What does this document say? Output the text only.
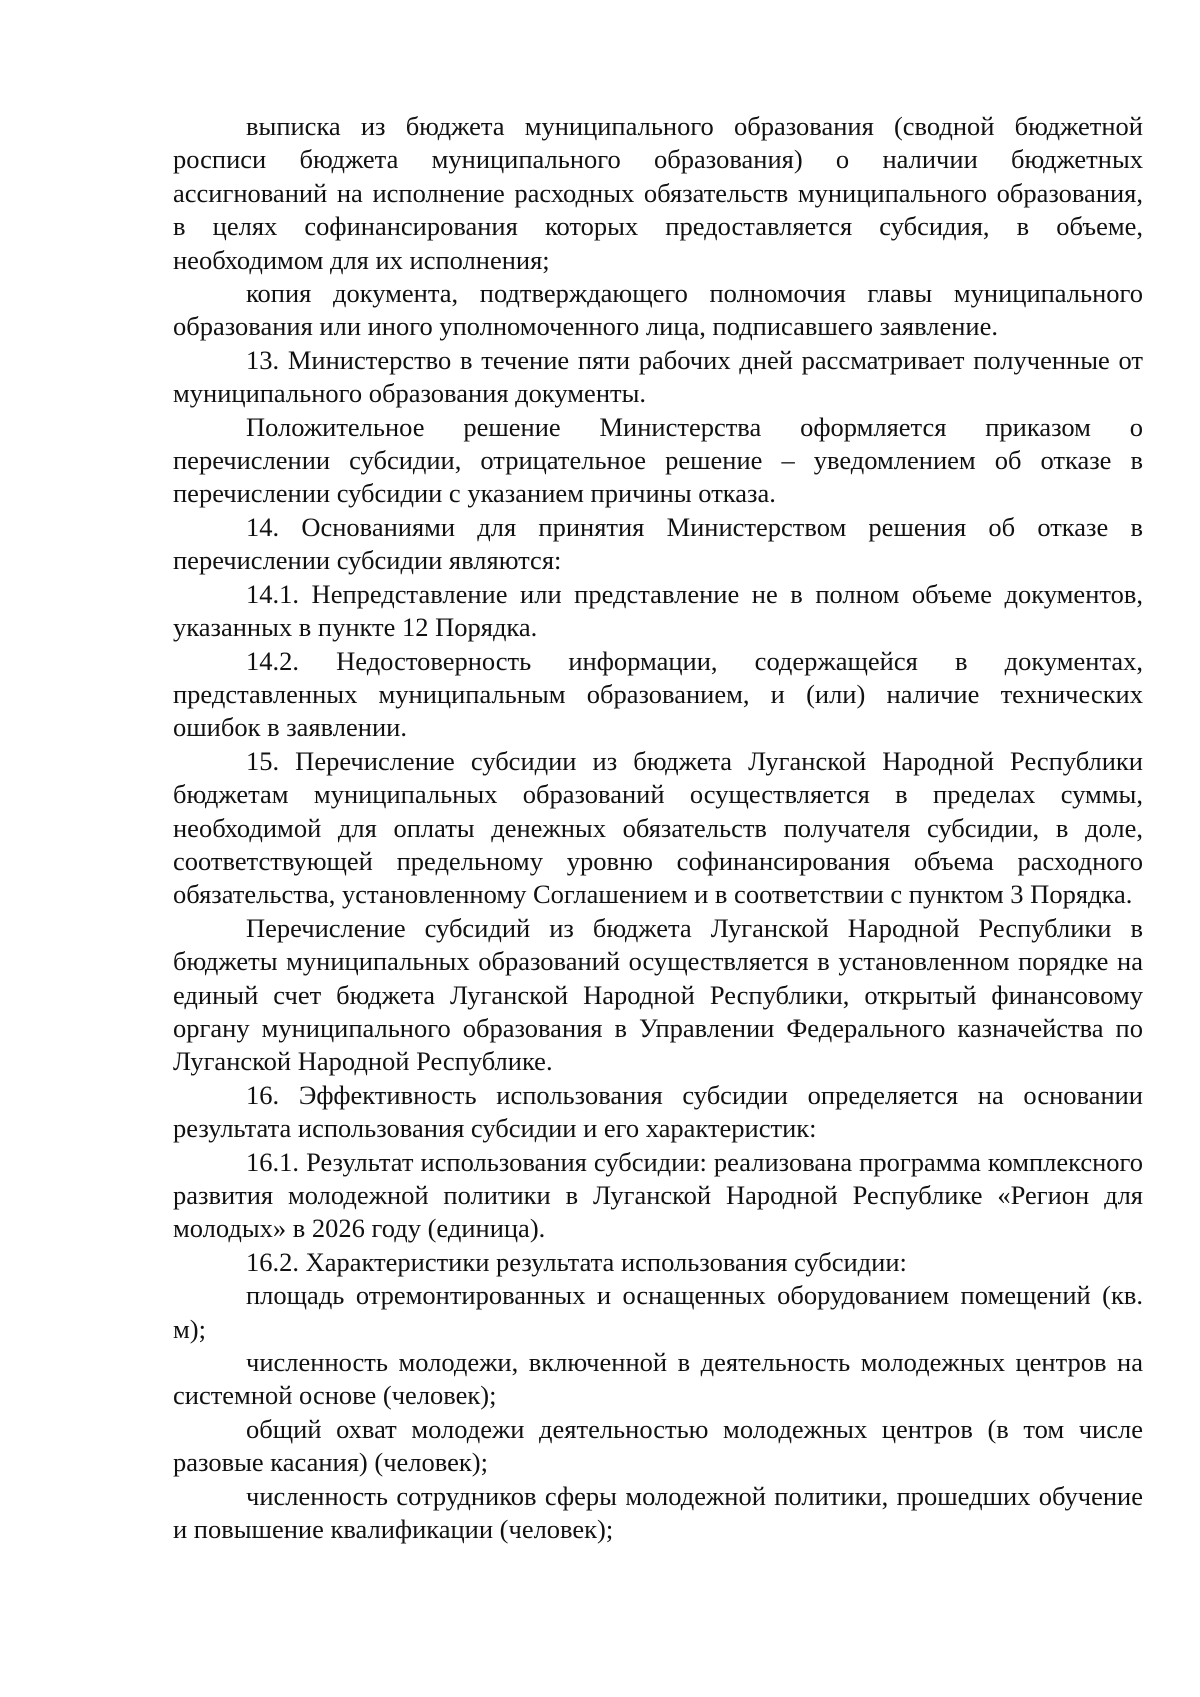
выписка из бюджета муниципального образования (сводной бюджетной росписи бюджета муниципального образования) о наличии бюджетных ассигнований на исполнение расходных обязательств муниципального образования, в целях софинансирования которых предоставляется субсидия, в объеме, необходимом для их исполнения;

копия документа, подтверждающего полномочия главы муниципального образования или иного уполномоченного лица, подписавшего заявление.

13. Министерство в течение пяти рабочих дней рассматривает полученные от муниципального образования документы.

Положительное решение Министерства оформляется приказом о перечислении субсидии, отрицательное решение – уведомлением об отказе в перечислении субсидии с указанием причины отказа.

14. Основаниями для принятия Министерством решения об отказе в перечислении субсидии являются:

14.1. Непредставление или представление не в полном объеме документов, указанных в пункте 12 Порядка.

14.2. Недостоверность информации, содержащейся в документах, представленных муниципальным образованием, и (или) наличие технических ошибок в заявлении.

15. Перечисление субсидии из бюджета Луганской Народной Республики бюджетам муниципальных образований осуществляется в пределах суммы, необходимой для оплаты денежных обязательств получателя субсидии, в доле, соответствующей предельному уровню софинансирования объема расходного обязательства, установленному Соглашением и в соответствии с пунктом 3 Порядка.

Перечисление субсидий из бюджета Луганской Народной Республики в бюджеты муниципальных образований осуществляется в установленном порядке на единый счет бюджета Луганской Народной Республики, открытый финансовому органу муниципального образования в Управлении Федерального казначейства по Луганской Народной Республике.

16. Эффективность использования субсидии определяется на основании результата использования субсидии и его характеристик:

16.1. Результат использования субсидии: реализована программа комплексного развития молодежной политики в Луганской Народной Республике «Регион для молодых» в 2026 году (единица).

16.2. Характеристики результата использования субсидии:

площадь отремонтированных и оснащенных оборудованием помещений (кв. м);

численность молодежи, включенной в деятельность молодежных центров на системной основе (человек);

общий охват молодежи деятельностью молодежных центров (в том числе разовые касания) (человек);

численность сотрудников сферы молодежной политики, прошедших обучение и повышение квалификации (человек);
